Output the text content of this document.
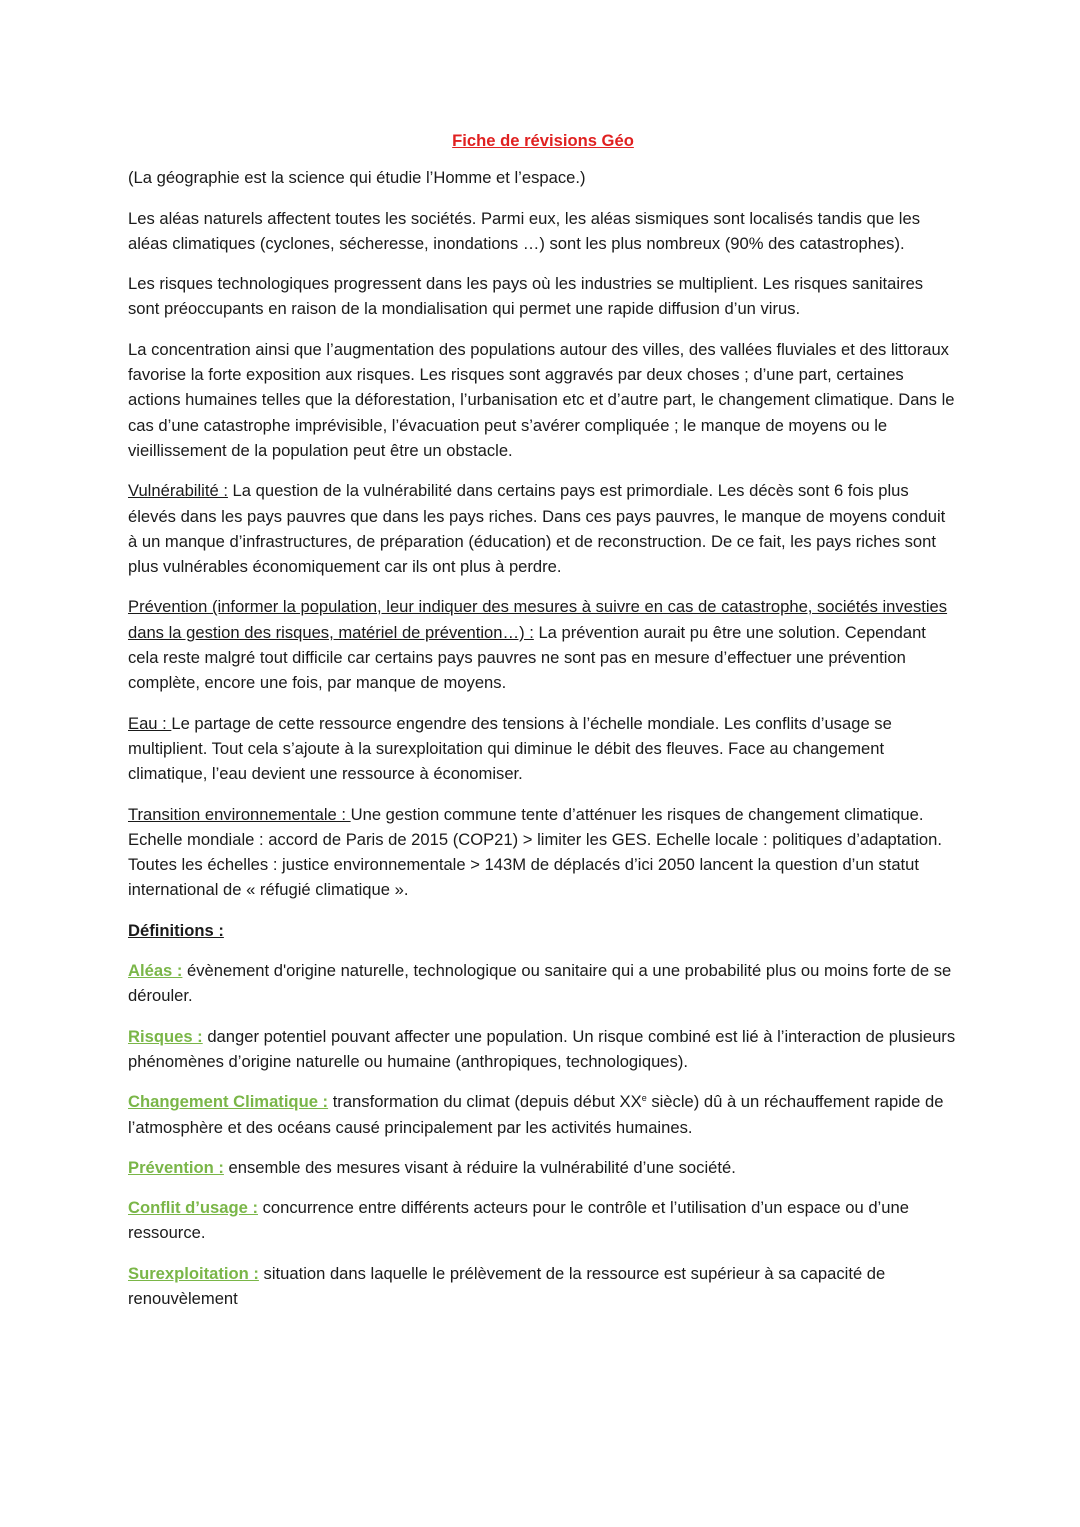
Fiche de révisions Géo

(La géographie est la science qui étudie l’Homme et l’espace.)

Les aléas naturels affectent toutes les sociétés. Parmi eux, les aléas sismiques sont localisés tandis que les aléas climatiques (cyclones, sécheresse, inondations …) sont les plus nombreux (90% des catastrophes).

Les risques technologiques progressent dans les pays où les industries se multiplient. Les risques sanitaires sont préoccupants en raison de la mondialisation qui permet une rapide diffusion d’un virus.

La concentration ainsi que l’augmentation des populations autour des villes, des vallées fluviales et des littoraux favorise la forte exposition aux risques. Les risques sont aggravés par deux choses ; d’une part, certaines actions humaines telles que la déforestation, l’urbanisation etc et d’autre part, le changement climatique. Dans le cas d’une catastrophe imprévisible, l’évacuation peut s’avérer compliquée ; le manque de moyens ou le vieillissement de la population peut être un obstacle.

Vulnérabilité : La question de la vulnérabilité dans certains pays est primordiale. Les décès sont 6 fois plus élevés dans les pays pauvres que dans les pays riches. Dans ces pays pauvres, le manque de moyens conduit à un manque d’infrastructures, de préparation (éducation) et de reconstruction. De ce fait, les pays riches sont plus vulnérables économiquement car ils ont plus à perdre.

Prévention (informer la population, leur indiquer des mesures à suivre en cas de catastrophe, sociétés investies dans la gestion des risques, matériel de prévention…) : La prévention aurait pu être une solution. Cependant cela reste malgré tout difficile car certains pays pauvres ne sont pas en mesure d’effectuer une prévention complète, encore une fois, par manque de moyens.

Eau : Le partage de cette ressource engendre des tensions à l’échelle mondiale. Les conflits d’usage se multiplient. Tout cela s’ajoute à la surexploitation qui diminue le débit des fleuves. Face au changement climatique, l’eau devient une ressource à économiser.

Transition environnementale : Une gestion commune tente d’atténuer les risques de changement climatique. Echelle mondiale : accord de Paris de 2015 (COP21) > limiter les GES. Echelle locale : politiques d’adaptation. Toutes les échelles : justice environnementale > 143M de déplacés d’ici 2050 lancent la question d’un statut international de « réfugié climatique ».

Définitions :

Aléas : évènement d'origine naturelle, technologique ou sanitaire qui a une probabilité plus ou moins forte de se dérouler.

Risques : danger potentiel pouvant affecter une population. Un risque combiné est lié à l’interaction de plusieurs phénomènes d’origine naturelle ou humaine (anthropiques, technologiques).

Changement Climatique : transformation du climat (depuis début XXe siècle) dû à un réchauffement rapide de l’atmosphère et des océans causé principalement par les activités humaines.

Prévention : ensemble des mesures visant à réduire la vulnérabilité d’une société.

Conflit d’usage : concurrence entre différents acteurs pour le contrôle et l’utilisation d’un espace ou d’une ressource.

Surexploitation : situation dans laquelle le prélèvement de la ressource est supérieur à sa capacité de renouvèlement
